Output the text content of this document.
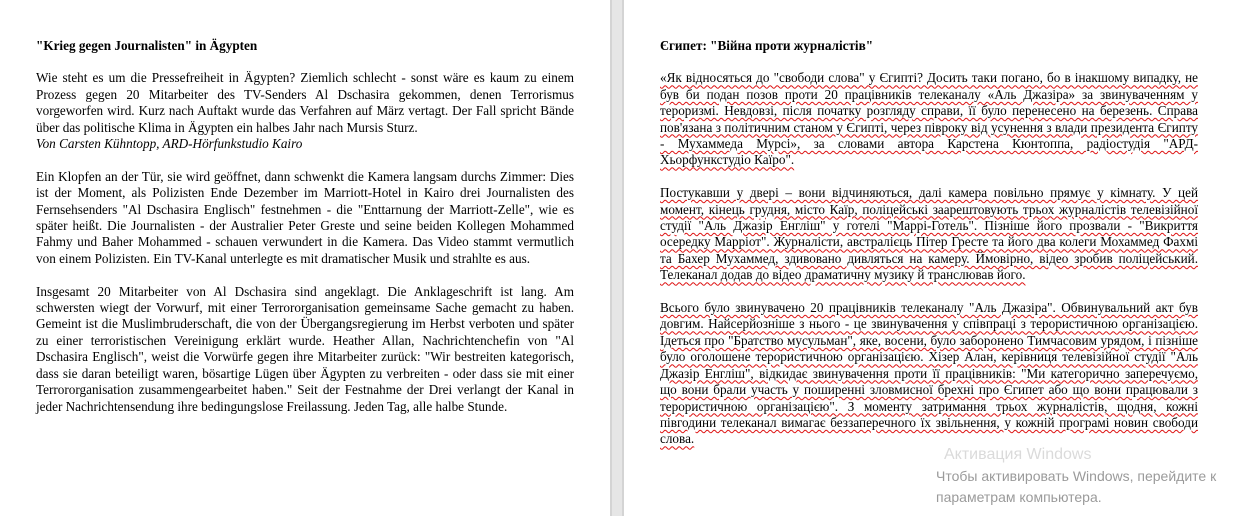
"Krieg gegen Journalisten" in Ägypten

Wie steht es um die Pressefreiheit in Ägypten? Ziemlich schlecht - sonst wäre es kaum zu einem Prozess gegen 20 Mitarbeiter des TV-Senders Al Dschasira gekommen, denen Terrorismus vorgeworfen wird. Kurz nach Auftakt wurde das Verfahren auf März vertagt. Der Fall spricht Bände über das politische Klima in Ägypten ein halbes Jahr nach Mursis Sturz.
Von Carsten Kühntopp, ARD-Hörfunkstudio Kairo

Ein Klopfen an der Tür, sie wird geöffnet, dann schwenkt die Kamera langsam durchs Zimmer: Dies ist der Moment, als Polizisten Ende Dezember im Marriott-Hotel in Kairo drei Journalisten des Fernsehsenders "Al Dschasira Englisch" festnehmen - die "Enttarnung der Marriott-Zelle", wie es später heißt. Die Journalisten - der Australier Peter Greste und seine beiden Kollegen Mohammed Fahmy und Baher Mohammed - schauen verwundert in die Kamera. Das Video stammt vermutlich von einem Polizisten. Ein TV-Kanal unterlegte es mit dramatischer Musik und strahlte es aus.

Insgesamt 20 Mitarbeiter von Al Dschasira sind angeklagt. Die Anklageschrift ist lang. Am schwersten wiegt der Vorwurf, mit einer Terrororganisation gemeinsame Sache gemacht zu haben. Gemeint ist die Muslimbruderschaft, die von der Übergangsregierung im Herbst verboten und später zu einer terroristischen Vereinigung erklärt wurde. Heather Allan, Nachrichtenchefin von "Al Dschasira Englisch", weist die Vorwürfe gegen ihre Mitarbeiter zurück: "Wir bestreiten kategorisch, dass sie daran beteiligt waren, bösartige Lügen über Ägypten zu verbreiten - oder dass sie mit einer Terrororganisation zusammengearbeitet haben." Seit der Festnahme der Drei verlangt der Kanal in jeder Nachrichtensendung ihre bedingungslose Freilassung. Jeden Tag, alle halbe Stunde.

Єгипет: "Війна проти журналістів"

«Як відносяться до "свободи слова" у Єгипті? Досить таки погано, бо в інакшому випадку, не був би подан позов проти 20 працівників телеканалу «Аль Джазіра» за звинуваченням у тероризмі. Невдовзі, після початку розгляду справи, її було перенесено на березень. Справа пов'язана з політичним станом у Єгипті, через півроку від усунення з влади президента Єгипту - Мухаммеда Мурсі», за словами автора Карстена Кюнтоппа, радіостудія "АРД-Хьорфункстудіо Каїро".

Постукавши у двері – вони відчиняються, далі камера повільно прямує у кімнату. У цей момент, кінець грудня, місто Каїр, поліцейські заарештовують трьох журналістів телевізійної студії "Аль Джазір Енгліш" у готелі "Маррі-Готель". Пізніше його прозвали - "Викриття осередку Маррiот". Журналісти, австралієць Пітер Гресте та його два колеги Мохаммед Фахмі та Бахер Мухаммед, здивовано дивляться на камеру. Ймовірно, відео зробив поліцейський. Телеканал додав до відео драматичну музику й транслював його.

Всього було звинувачено 20 працівників телеканалу "Аль Джазіра". Обвинувальний акт був довгим. Найсерйозніше з нього - це звинувачення у співпраці з терористичною організацією. Ідеться про "Братство мусульман", яке, восени, було заборонено Тимчасовим урядом, і пізніше було оголошене терористичною організацією. Хізер Алан, керівниця телевізійної студії "Аль Джазір Енгліш", відкидає звинувачення проти її працівників: "Ми категорично заперечуємо, що вони брали участь у поширенні зловмисної брехні про Єгипет або що вони працювали з терористичною організацією". З моменту затримання трьох журналістів, щодня, кожні півгодини телеканал вимагає беззаперечного їх звільнення, у кожній програмі новин свободи слова.

Активация Windows
Чтобы активировать Windows, перейдите к
параметрам компьютера.
